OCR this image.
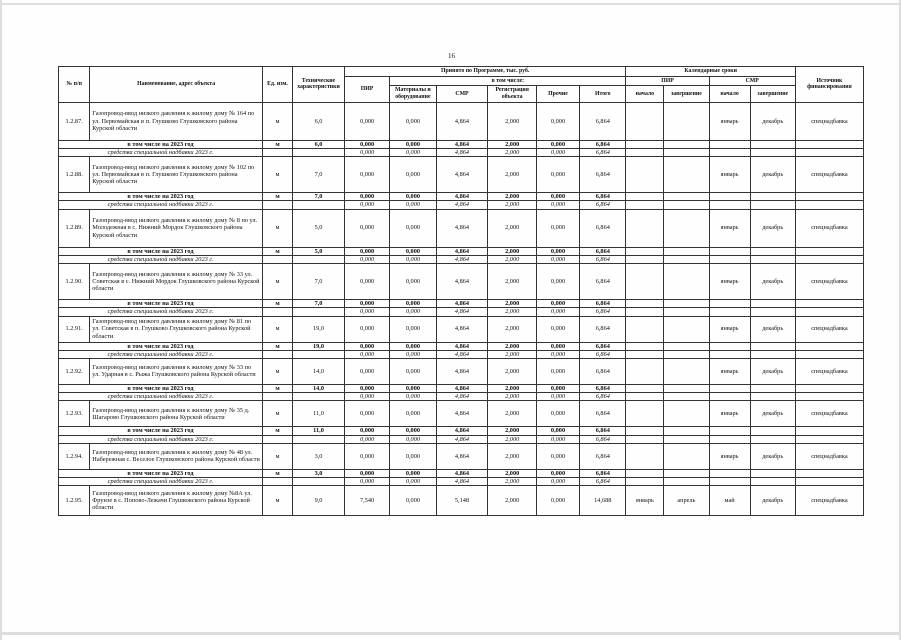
16
№ п/п	Наименование, адрес объекта	Ед. изм.	Технические характеристики	Принято по Программе, тыс. руб.						Календарные сроки				Источник финансирования
				ПИР	в том числе:					ПИР		СМР		
					Материалы и оборудование	СМР	Регистрация объекта	Прочие	Итого	начало	завершение	начало	завершение	
1.2.87.	Газопровод-ввод низкого давления к жилому дому № 164 по ул. Первомайская в п. Глушково Глушковского района Курской области	м	6,0	0,000	0,000	4,864	2,000	0,000	6,864			январь	декабрь	спецнадбавка
в том числе на 2023 год		м	6,0	0,000	0,000	4,864	2,000	0,000	6,864					
средства специальной надбавки 2023 г.				0,000	0,000	4,864	2,000	0,000	6,864					
1.2.88.	Газопровод-ввод низкого давления к жилому дому № 102 по ул. Первомайская в п. Глушково Глушковского района Курской области	м	7,0	0,000	0,000	4,864	2,000	0,000	6,864			январь	декабрь	спецнадбавка
в том числе на 2023 год		м	7,0	0,000	0,000	4,864	2,000	0,000	6,864					
средства специальной надбавки 2023 г.				0,000	0,000	4,864	2,000	0,000	6,864					
1.2.89.	Газопровод-ввод низкого давления к жилому дому № 8 по ул. Молодежная в с. Нижний Мордок Глушковского района Курской области	м	5,0	0,000	0,000	4,864	2,000	0,000	6,864			январь	декабрь	спецнадбавка
в том числе на 2023 год		м	5,0	0,000	0,000	4,864	2,000	0,000	6,864					
средства специальной надбавки 2023 г.				0,000	0,000	4,864	2,000	0,000	6,864					
1.2.90.	Газопровод-ввод низкого давления к жилому дому № 33 ул. Советская в с. Нижний Мордок Глушковского района Курской области	м	7,0	0,000	0,000	4,864	2,000	0,000	6,864			январь	декабрь	спецнадбавка
в том числе на 2023 год		м	7,0	0,000	0,000	4,864	2,000	0,000	6,864					
средства специальной надбавки 2023 г.				0,000	0,000	4,864	2,000	0,000	6,864					
1.2.91.	Газопровод-ввод низкого давления к жилому дому № 81 по ул. Советская в п. Глушково Глушковского района Курской области	м	19,0	0,000	0,000	4,864	2,000	0,000	6,864			январь	декабрь	спецнадбавка
в том числе на 2023 год		м	19,0	0,000	0,000	4,864	2,000	0,000	6,864					
средства специальной надбавки 2023 г.				0,000	0,000	4,864	2,000	0,000	6,864					
1.2.92.	Газопровод-ввод низкого давления к жилому дому № 33 по ул. Ударная в с. Рыжа Глушковского района Курской области	м	14,0	0,000	0,000	4,864	2,000	0,000	6,864			январь	декабрь	спецнадбавка
в том числе на 2023 год		м	14,0	0,000	0,000	4,864	2,000	0,000	6,864					
средства специальной надбавки 2023 г.				0,000	0,000	4,864	2,000	0,000	6,864					
1.2.93.	Газопровод-ввод низкого давления к жилому дому № 35 д. Шагарово Глушковского района Курской области	м	11,0	0,000	0,000	4,864	2,000	0,000	6,864			январь	декабрь	спецнадбавка
в том числе на 2023 год		м	11,0	0,000	0,000	4,864	2,000	0,000	6,864					
средства специальной надбавки 2023 г.				0,000	0,000	4,864	2,000	0,000	6,864					
1.2.94.	Газопровод-ввод низкого давления к жилому дому № 48 ул. Набережная с. Веселое Глушковского района Курской области	м	3,0	0,000	0,000	4,864	2,000	0,000	6,864			январь	декабрь	спецнадбавка
в том числе на 2023 год		м	3,0	0,000	0,000	4,864	2,000	0,000	6,864					
средства специальной надбавки 2023 г.				0,000	0,000	4,864	2,000	0,000	6,864					
1.2.95.	Газопровод-ввод низкого давления к жилому дому №8А ул. Фрунзе в с. Попово-Лежачи Глушковского района Курской области	м	9,0	7,540	0,000	5,148	2,000	0,000	14,688	январь	апрель	май	декабрь	спецнадбавка
